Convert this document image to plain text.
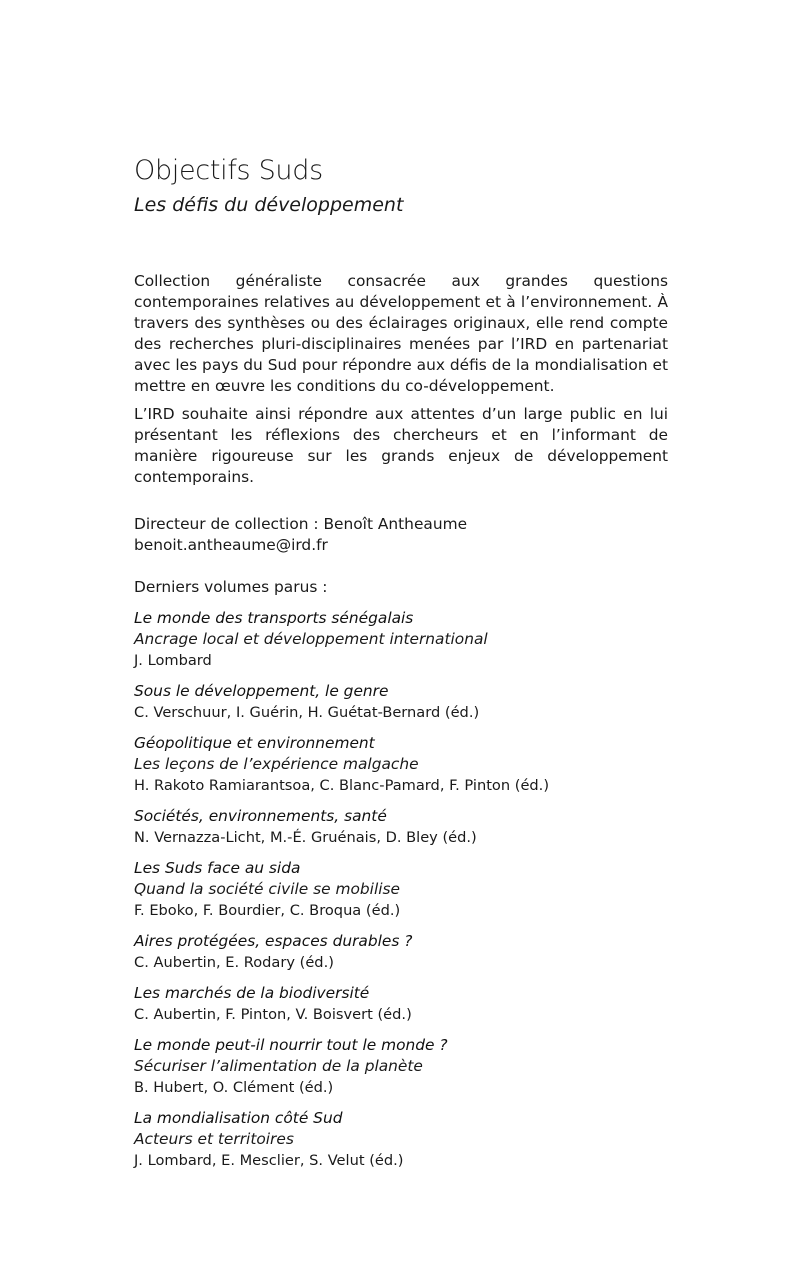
Objectifs Suds
Les défis du développement

Collection généraliste consacrée aux grandes questions contemporaines relatives au développement et à l’environnement. À travers des synthèses ou des éclairages originaux, elle rend compte des recherches pluri-disciplinaires menées par l’IRD en partenariat avec les pays du Sud pour répondre aux défis de la mondialisation et mettre en œuvre les conditions du co-développement.

L’IRD souhaite ainsi répondre aux attentes d’un large public en lui présentant les réflexions des chercheurs et en l’informant de manière rigoureuse sur les grands enjeux de développement contemporains.

Directeur de collection : Benoît Antheaume
benoit.antheaume@ird.fr
Derniers volumes parus :
Le monde des transports sénégalais
Ancrage local et développement international
J. Lombard
Sous le développement, le genre
C. Verschuur, I. Guérin, H. Guétat-Bernard (éd.)
Géopolitique et environnement
Les leçons de l’expérience malgache
H. Rakoto Ramiarantsoa, C. Blanc-Pamard, F. Pinton (éd.)
Sociétés, environnements, santé
N. Vernazza-Licht, M.-É. Gruénais, D. Bley (éd.)
Les Suds face au sida
Quand la société civile se mobilise
F. Eboko, F. Bourdier, C. Broqua (éd.)
Aires protégées, espaces durables ?
C. Aubertin, E. Rodary (éd.)
Les marchés de la biodiversité
C. Aubertin, F. Pinton, V. Boisvert (éd.)
Le monde peut-il nourrir tout le monde ?
Sécuriser l’alimentation de la planète
B. Hubert, O. Clément (éd.)
La mondialisation côté Sud
Acteurs et territoires
J. Lombard, E. Mesclier, S. Velut (éd.)
